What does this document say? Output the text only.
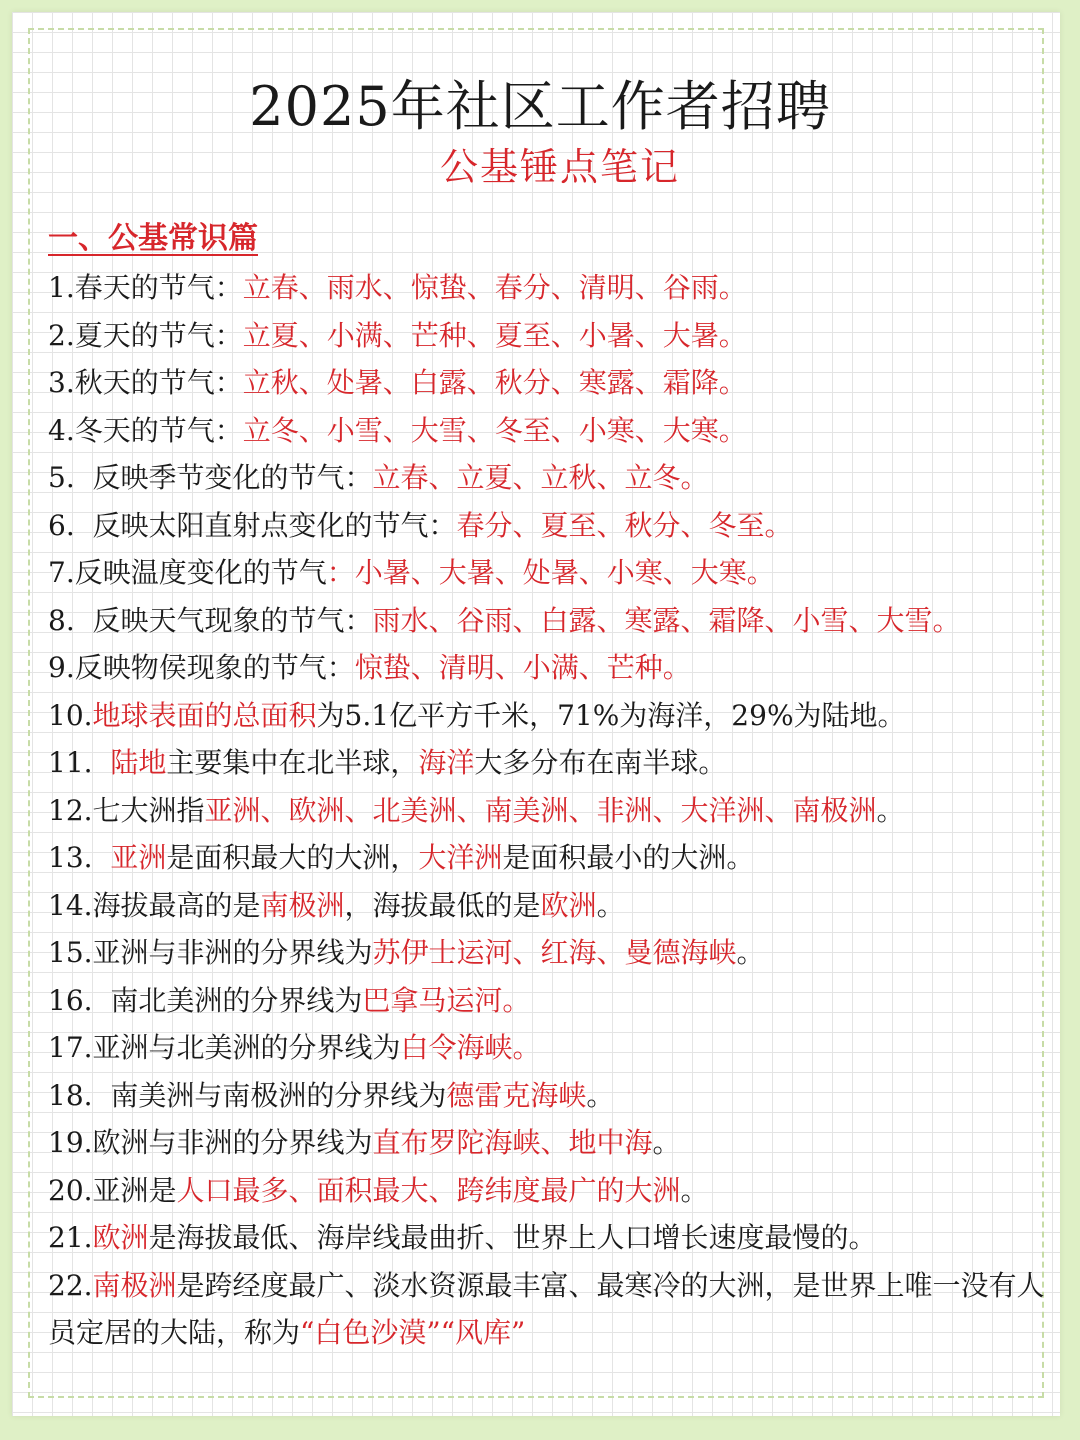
2025年社区工作者招聘
公基锤点笔记
一、公基常识篇
1.春天的节气：立春、雨水、惊蛰、春分、清明、谷雨。
2.夏天的节气：立夏、小满、芒种、夏至、小暑、大暑。
3.秋天的节气：立秋、处暑、白露、秋分、寒露、霜降。
4.冬天的节气：立冬、小雪、大雪、冬至、小寒、大寒。
5.  反映季节变化的节气：立春、立夏、立秋、立冬。
6.  反映太阳直射点变化的节气：春分、夏至、秋分、冬至。
7.反映温度变化的节气：小暑、大暑、处暑、小寒、大寒。
8.  反映天气现象的节气：雨水、谷雨、白露、寒露、霜降、小雪、大雪。
9.反映物侯现象的节气：惊蛰、清明、小满、芒种。
10.地球表面的总面积为5.1亿平方千米，71%为海洋，29%为陆地。
11.  陆地主要集中在北半球，海洋大多分布在南半球。
12.七大洲指亚洲、欧洲、北美洲、南美洲、非洲、大洋洲、南极洲。
13.  亚洲是面积最大的大洲，大洋洲是面积最小的大洲。
14.海拔最高的是南极洲，海拔最低的是欧洲。
15.亚洲与非洲的分界线为苏伊士运河、红海、曼德海峡。
16.  南北美洲的分界线为巴拿马运河。
17.亚洲与北美洲的分界线为白令海峡。
18.  南美洲与南极洲的分界线为德雷克海峡。
19.欧洲与非洲的分界线为直布罗陀海峡、地中海。
20.亚洲是人口最多、面积最大、跨纬度最广的大洲。
21.欧洲是海拔最低、海岸线最曲折、世界上人口增长速度最慢的。
22.南极洲是跨经度最广、淡水资源最丰富、最寒冷的大洲，是世界上唯一没有人员定居的大陆，称为“白色沙漠”“风库”
